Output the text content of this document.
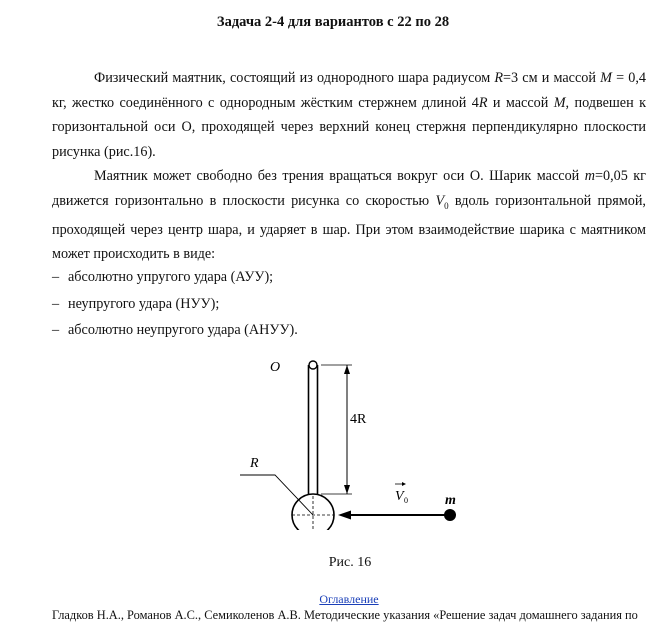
Задача 2-4 для вариантов с 22 по 28
Физический маятник, состоящий из однородного шара радиусом R=3 см и массой M = 0,4 кг, жестко соединённого с однородным жёстким стержнем длиной 4R и массой M, подвешен к горизонтальной оси О, проходящей через верхний конец стержня перпендикулярно плоскости рисунка (рис.16).
Маятник может свободно без трения вращаться вокруг оси О. Шарик массой m=0,05 кг движется горизонтально в плоскости рисунка со скоростью $V_0$ вдоль горизонтальной прямой, проходящей через центр шара, и ударяет в шар. При этом взаимодействие шарика с маятником может происходить в виде:
– абсолютно упругого удара (АУУ);
– неупругого удара (НУУ);
– абсолютно неупругого удара (АНУУ).
O
4R
R
V 0	m
Рис. 16
Оглавление
Гладков Н.А., Романов А.С., Семиколенов А.В. Методические указания «Решение задач домашнего задания по
